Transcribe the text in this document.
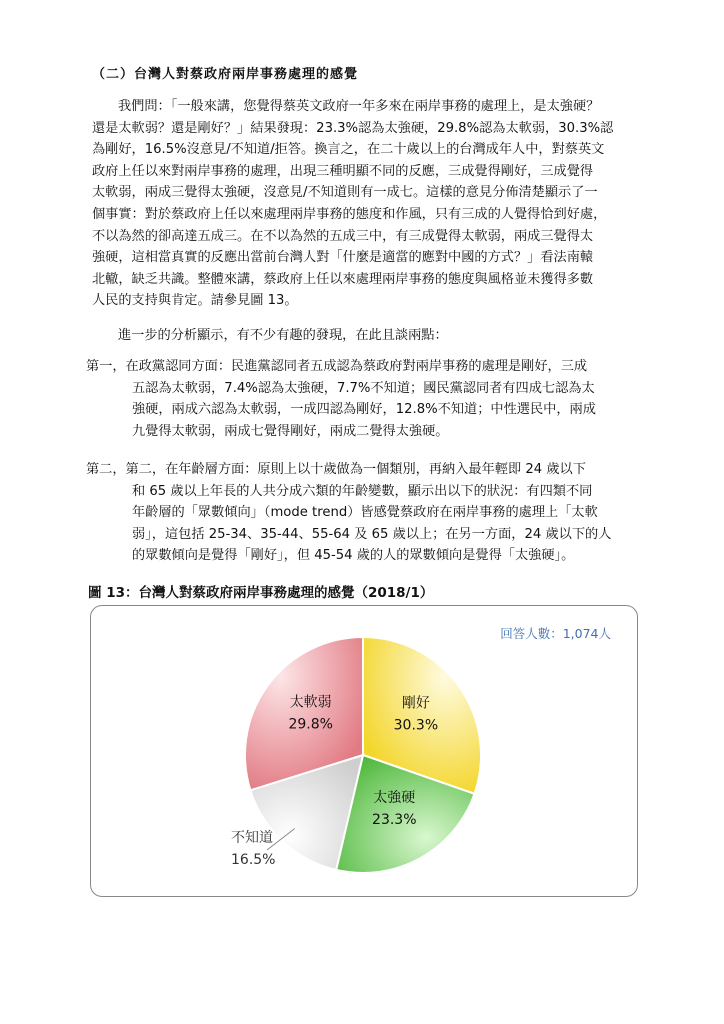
（二）台灣人對蔡政府兩岸事務處理的感覺
我們問：「一般來講，您覺得蔡英文政府一年多來在兩岸事務的處理上，是太強硬？
還是太軟弱？還是剛好？」結果發現：23.3%認為太強硬，29.8%認為太軟弱，30.3%認
為剛好，16.5%沒意見/不知道/拒答。換言之，在二十歲以上的台灣成年人中，對蔡英文
政府上任以來對兩岸事務的處理，出現三種明顯不同的反應，三成覺得剛好，三成覺得
太軟弱，兩成三覺得太強硬，沒意見/不知道則有一成七。這樣的意見分佈清楚顯示了一
個事實：對於蔡政府上任以來處理兩岸事務的態度和作風，只有三成的人覺得恰到好處，
不以為然的卻高達五成三。在不以為然的五成三中，有三成覺得太軟弱，兩成三覺得太
強硬，這相當真實的反應出當前台灣人對「什麼是適當的應對中國的方式？」看法南轅
北轍，缺乏共識。整體來講，蔡政府上任以來處理兩岸事務的態度與風格並未獲得多數
人民的支持與肯定。請參見圖 13。
進一步的分析顯示，有不少有趣的發現，在此且談兩點：
第一，在政黨認同方面：民進黨認同者五成認為蔡政府對兩岸事務的處理是剛好，三成
五認為太軟弱，7.4%認為太強硬，7.7%不知道；國民黨認同者有四成七認為太
強硬，兩成六認為太軟弱，一成四認為剛好，12.8%不知道；中性選民中，兩成
九覺得太軟弱，兩成七覺得剛好，兩成二覺得太強硬。
第二，第二，在年齡層方面：原則上以十歲做為一個類別，再納入最年輕即 24 歲以下
和 65 歲以上年長的人共分成六類的年齡變數，顯示出以下的狀況：有四類不同
年齡層的「眾數傾向」（mode trend）皆感覺蔡政府在兩岸事務的處理上「太軟
弱」，這包括 25-34、35-44、55-64 及 65 歲以上；在另一方面，24 歲以下的人
的眾數傾向是覺得「剛好」，但 45-54 歲的人的眾數傾向是覺得「太強硬」。
圖 13：台灣人對蔡政府兩岸事務處理的感覺（2018/1）
回答人數：1,074人
剛好
30.3%
太強硬
23.3%
不知道
16.5%
太軟弱
29.8%
